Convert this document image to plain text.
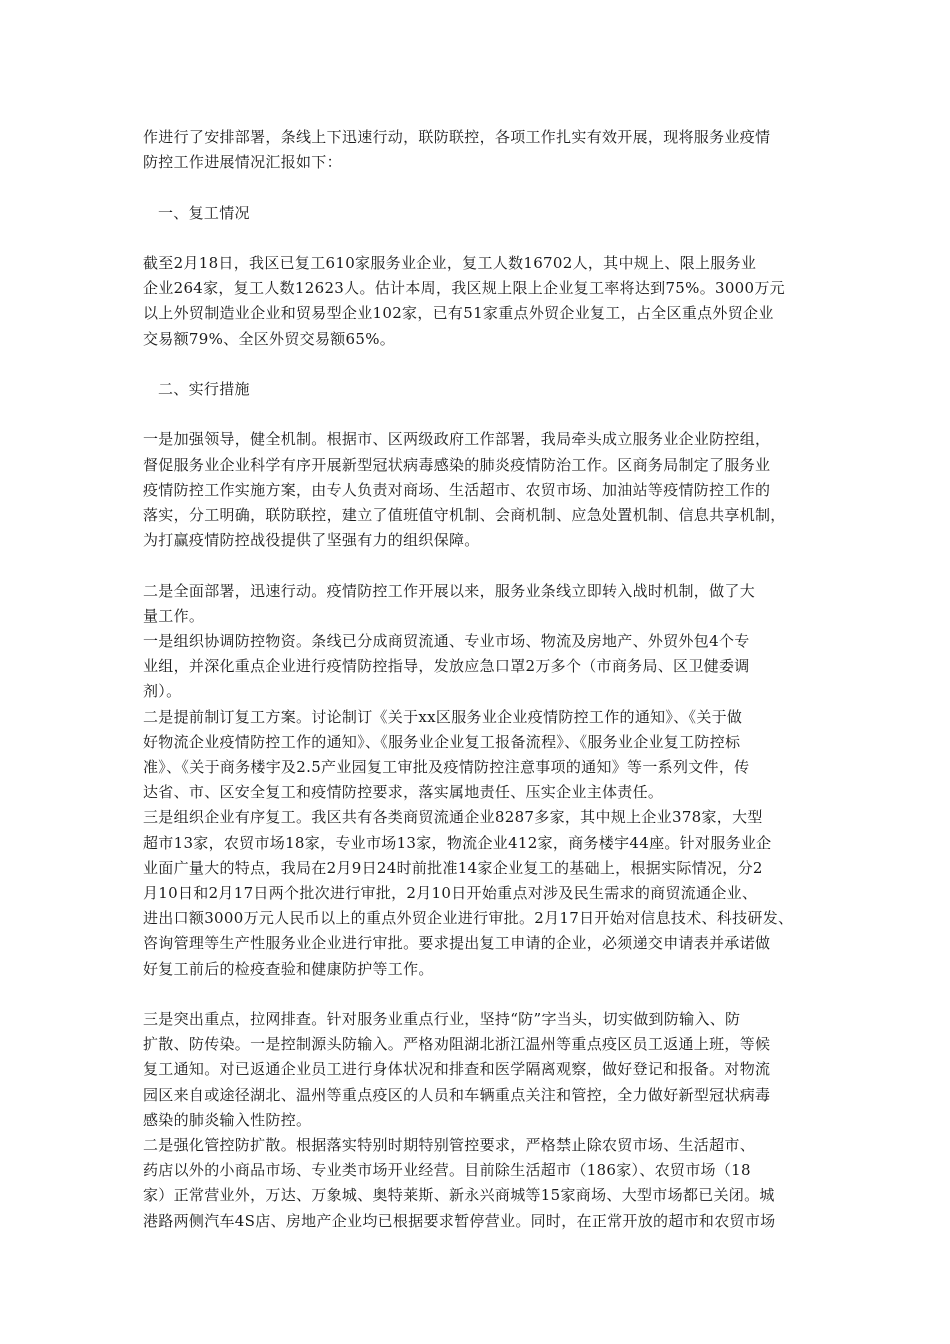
作进行了安排部署，条线上下迅速行动，联防联控，各项工作扎实有效开展，现将服务业疫情

防控工作进展情况汇报如下：

一、复工情况

截至2月18日，我区已复工610家服务业企业，复工人数16702人，其中规上、限上服务业

企业264家，复工人数12623人。估计本周，我区规上限上企业复工率将达到75%。3000万元

以上外贸制造业企业和贸易型企业102家，已有51家重点外贸企业复工，占全区重点外贸企业

交易额79%、全区外贸交易额65%。

二、实行措施

一是加强领导，健全机制。根据市、区两级政府工作部署，我局牵头成立服务业企业防控组，

督促服务业企业科学有序开展新型冠状病毒感染的肺炎疫情防治工作。区商务局制定了服务业

疫情防控工作实施方案，由专人负责对商场、生活超市、农贸市场、加油站等疫情防控工作的

落实，分工明确，联防联控，建立了值班值守机制、会商机制、应急处置机制、信息共享机制，

为打赢疫情防控战役提供了坚强有力的组织保障。

二是全面部署，迅速行动。疫情防控工作开展以来，服务业条线立即转入战时机制，做了大

量工作。

一是组织协调防控物资。条线已分成商贸流通、专业市场、物流及房地产、外贸外包4个专

业组，并深化重点企业进行疫情防控指导，发放应急口罩2万多个（市商务局、区卫健委调

剂）。

二是提前制订复工方案。讨论制订《关于xx区服务业企业疫情防控工作的通知》、《关于做

好物流企业疫情防控工作的通知》、《服务业企业复工报备流程》、《服务业企业复工防控标

准》、《关于商务楼宇及2.5产业园复工审批及疫情防控注意事项的通知》等一系列文件，传

达省、市、区安全复工和疫情防控要求，落实属地责任、压实企业主体责任。

三是组织企业有序复工。我区共有各类商贸流通企业8287多家，其中规上企业378家，大型

超市13家，农贸市场18家，专业市场13家，物流企业412家，商务楼宇44座。针对服务业企

业面广量大的特点，我局在2月9日24时前批准14家企业复工的基础上，根据实际情况，分2

月10日和2月17日两个批次进行审批，2月10日开始重点对涉及民生需求的商贸流通企业、

进出口额3000万元人民币以上的重点外贸企业进行审批。2月17日开始对信息技术、科技研发、

咨询管理等生产性服务业企业进行审批。要求提出复工申请的企业，必须递交申请表并承诺做

好复工前后的检疫查验和健康防护等工作。

三是突出重点，拉网排查。针对服务业重点行业，坚持“防”字当头，切实做到防输入、防

扩散、防传染。一是控制源头防输入。严格劝阻湖北浙江温州等重点疫区员工返通上班，等候

复工通知。对已返通企业员工进行身体状况和排查和医学隔离观察，做好登记和报备。对物流

园区来自或途径湖北、温州等重点疫区的人员和车辆重点关注和管控，全力做好新型冠状病毒

感染的肺炎输入性防控。

二是强化管控防扩散。根据落实特别时期特别管控要求，严格禁止除农贸市场、生活超市、

药店以外的小商品市场、专业类市场开业经营。目前除生活超市（186家）、农贸市场（18

家）正常营业外，万达、万象城、奥特莱斯、新永兴商城等15家商场、大型市场都已关闭。城

港路两侧汽车4S店、房地产企业均已根据要求暂停营业。同时，在正常开放的超市和农贸市场
